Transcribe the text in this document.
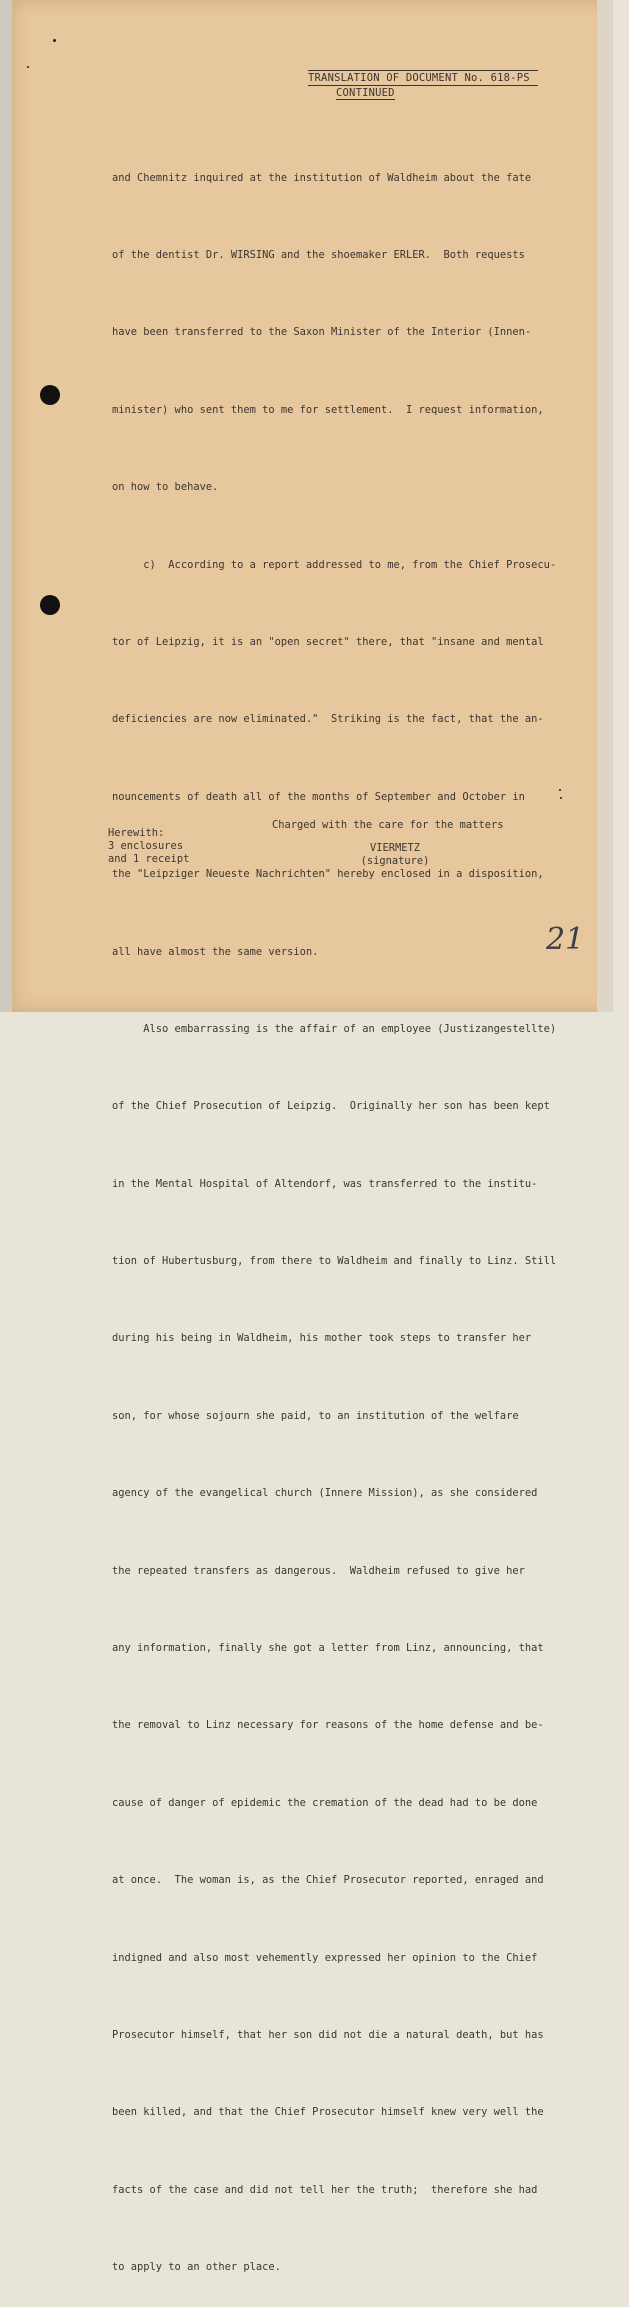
TRANSLATION OF DOCUMENT No. 618-PS
CONTINUED

and Chemnitz inquired at the institution of Waldheim about the fate

of the dentist Dr. WIRSING and the shoemaker ERLER.  Both requests

have been transferred to the Saxon Minister of the Interior (Innen-

minister) who sent them to me for settlement.  I request information,

on how to behave.

c)  According to a report addressed to me, from the Chief Prosecu-

tor of Leipzig, it is an "open secret" there, that "insane and mental

deficiencies are now eliminated."  Striking is the fact, that the an-

nouncements of death all of the months of September and October in

the "Leipziger Neueste Nachrichten" hereby enclosed in a disposition,

all have almost the same version.

Also embarrassing is the affair of an employee (Justizangestellte)

of the Chief Prosecution of Leipzig.  Originally her son has been kept

in the Mental Hospital of Altendorf, was transferred to the institu-

tion of Hubertusburg, from there to Waldheim and finally to Linz. Still

during his being in Waldheim, his mother took steps to transfer her

son, for whose sojourn she paid, to an institution of the welfare

agency of the evangelical church (Innere Mission), as she considered

the repeated transfers as dangerous.  Waldheim refused to give her

any information, finally she got a letter from Linz, announcing, that

the removal to Linz necessary for reasons of the home defense and be-

cause of danger of epidemic the cremation of the dead had to be done

at once.  The woman is, as the Chief Prosecutor reported, enraged and

indigned and also most vehemently expressed her opinion to the Chief

Prosecutor himself, that her son did not die a natural death, but has

been killed, and that the Chief Prosecutor himself knew very well the

facts of the case and did not tell her the truth;  therefore she had

to apply to an other place.

Charged with the care for the matters
Herewith:
3 enclosures
and 1 receipt
VIERMETZ
(signature)
21
